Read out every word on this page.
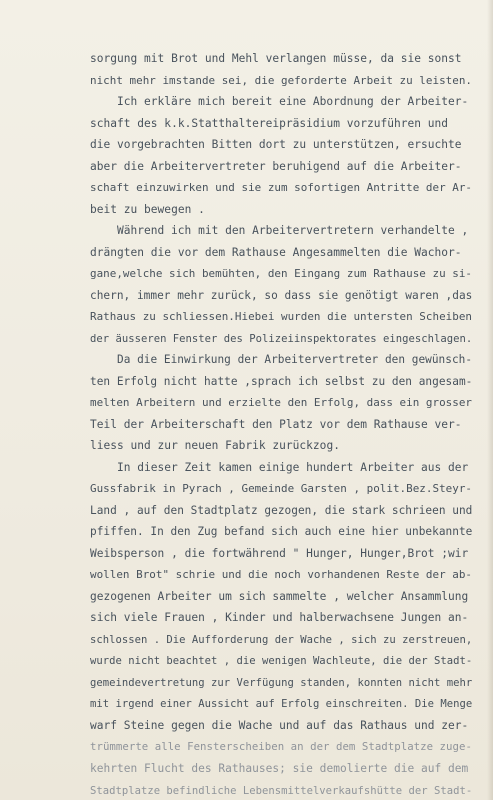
sorgung mit Brot und Mehl verlangen müsse, da sie sonst
nicht mehr imstande sei, die geforderte Arbeit zu leisten.
Ich erkläre mich bereit eine Abordnung der Arbeiter-
schaft des k.k.Statthaltereipräsidium vorzuführen und
die vorgebrachten Bitten dort zu unterstützen, ersuchte
aber die Arbeitervertreter beruhigend auf die Arbeiter-
schaft einzuwirken und sie zum sofortigen Antritte der Ar-
beit zu bewegen .
Während ich mit den Arbeitervertretern verhandelte ,
drängten die vor dem Rathause Angesammelten die Wachor-
gane,welche sich bemühten, den Eingang zum Rathause zu si-
chern, immer mehr zurück, so dass sie genötigt waren ,das
Rathaus zu schliessen.Hiebei wurden die untersten Scheiben
der äusseren Fenster des Polizeiinspektorates eingeschlagen.
Da die Einwirkung der Arbeitervertreter den gewünsch-
ten Erfolg nicht hatte ,sprach ich selbst zu den angesam-
melten Arbeitern und erzielte den Erfolg, dass ein grosser
Teil der Arbeiterschaft den Platz vor dem Rathause ver-
liess und zur neuen Fabrik zurückzog.
In dieser Zeit kamen einige hundert Arbeiter aus der
Gussfabrik in Pyrach , Gemeinde Garsten , polit.Bez.Steyr-
Land , auf den Stadtplatz gezogen, die stark schrieen und
pfiffen. In den Zug befand sich auch eine hier unbekannte
Weibsperson , die fortwährend " Hunger, Hunger,Brot ;wir
wollen Brot" schrie und die noch vorhandenen Reste der ab-
gezogenen Arbeiter um sich sammelte , welcher Ansammlung
sich viele Frauen , Kinder und halberwachsene Jungen an-
schlossen . Die Aufforderung der Wache , sich zu zerstreuen,
wurde nicht beachtet , die wenigen Wachleute, die der Stadt-
gemeindevertretung zur Verfügung standen, konnten nicht mehr
mit irgend einer Aussicht auf Erfolg einschreiten. Die Menge
warf Steine gegen die Wache und auf das Rathaus und zer-
trümmerte alle Fensterscheiben an der dem Stadtplatze zuge-
kehrten Flucht des Rathauses; sie demolierte die auf dem
Stadtplatze befindliche Lebensmittelverkaufshütte der Stadt-
